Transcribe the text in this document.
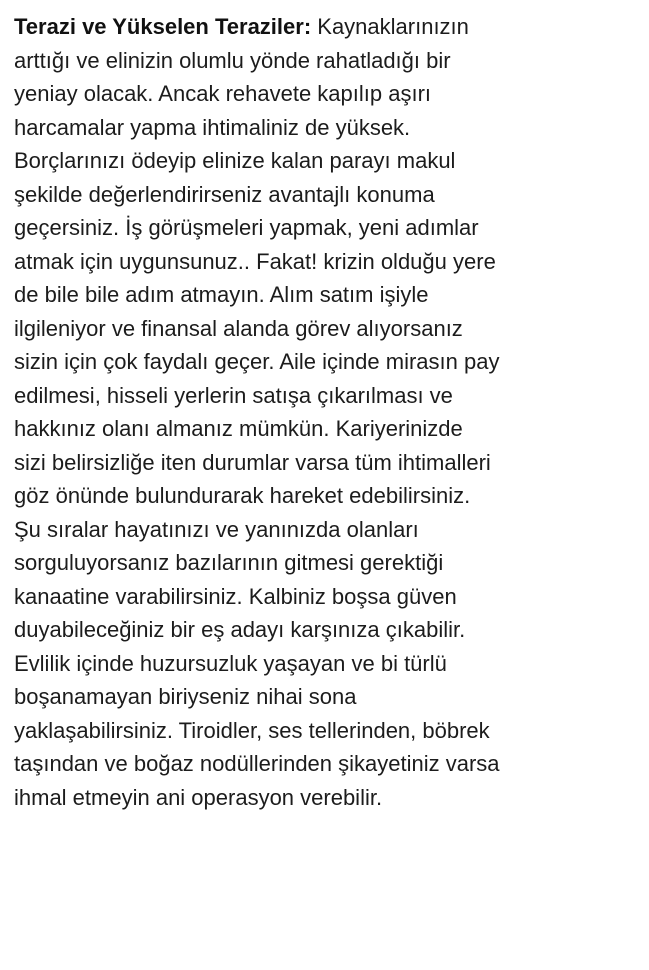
Terazi ve Yükselen Teraziler: Kaynaklarınızın
arttığı ve elinizin olumlu yönde rahatladığı bir
yeniay olacak. Ancak rehavete kapılıp aşırı
harcamalar yapma ihtimaliniz de yüksek.
Borçlarınızı ödeyip elinize kalan parayı makul
şekilde değerlendirirseniz avantajlı konuma
geçersiniz. İş görüşmeleri yapmak, yeni adımlar
atmak için uygunsunuz.. Fakat! krizin olduğu yere
de bile bile adım atmayın. Alım satım işiyle
ilgileniyor ve finansal alanda görev alıyorsanız
sizin için çok faydalı geçer. Aile içinde mirasın pay
edilmesi, hisseli yerlerin satışa çıkarılması ve
hakkınız olanı almanız mümkün. Kariyerinizde
sizi belirsizliğe iten durumlar varsa tüm ihtimalleri
göz önünde bulundurarak hareket edebilirsiniz.
Şu sıralar hayatınızı ve yanınızda olanları
sorguluyorsanız bazılarının gitmesi gerektiği
kanaatine varabilirsiniz. Kalbiniz boşsa güven
duyabileceğiniz bir eş adayı karşınıza çıkabilir.
Evlilik içinde huzursuzluk yaşayan ve bi türlü
boşanamayan biriyseniz nihai sona
yaklaşabilirsiniz. Tiroidler, ses tellerinden, böbrek
taşından ve boğaz nodüllerinden şikayetiniz varsa
ihmal etmeyin ani operasyon verebilir.
